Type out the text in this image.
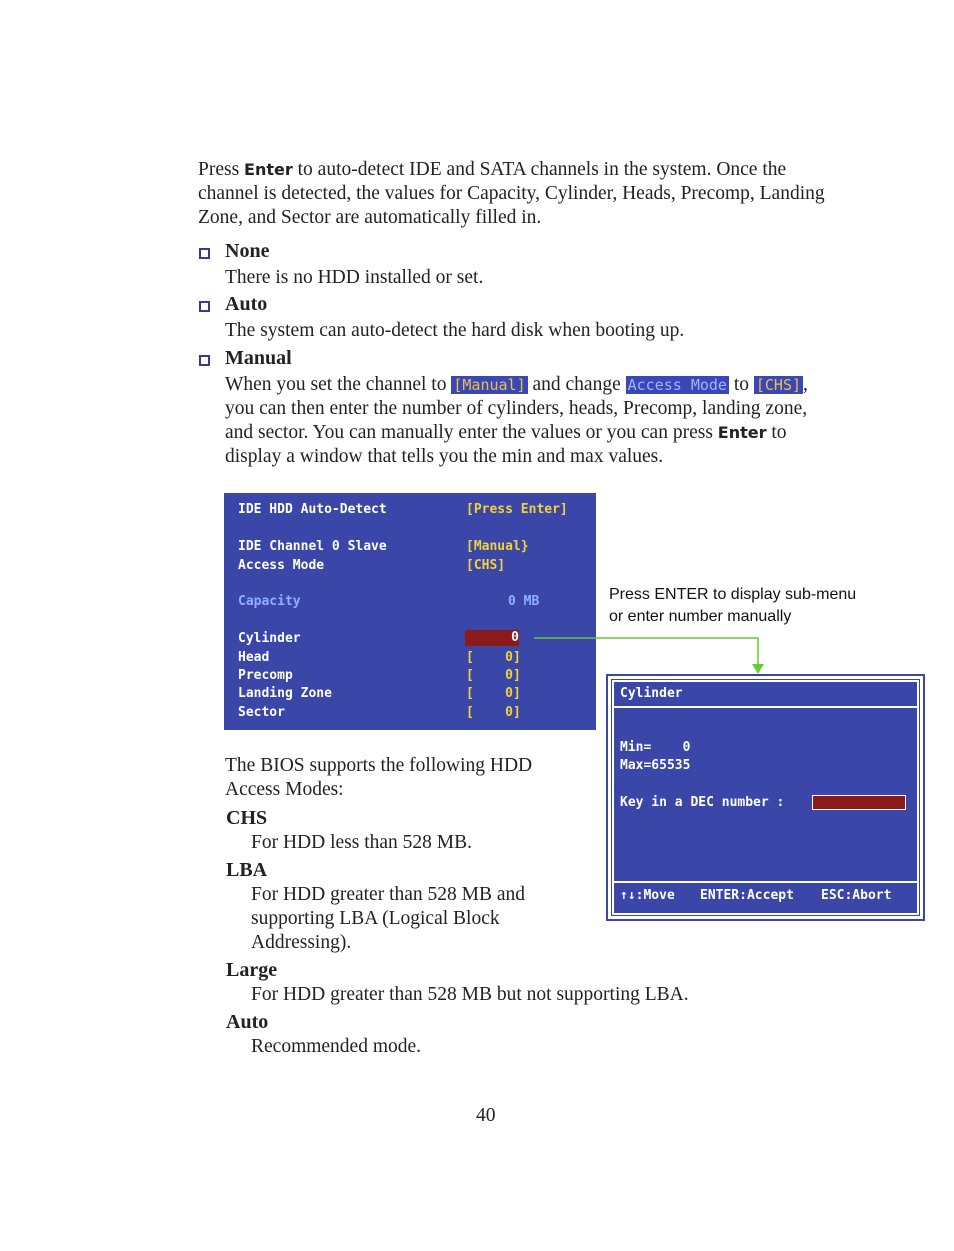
Press Enter to auto-detect IDE and SATA channels in the system. Once the
channel is detected, the values for Capacity, Cylinder, Heads, Precomp, Landing
Zone, and Sector are automatically filled in.
None
There is no HDD installed or set.
Auto
The system can auto-detect the hard disk when booting up.
Manual
When you set the channel to [Manual] and change Access Mode to [CHS] ,
you can then enter the number of cylinders, heads, Precomp, landing zone,
and sector. You can manually enter the values or you can press Enter to
display a window that tells you the min and max values.
IDE HDD Auto-Detect	[Press Enter]
IDE Channel 0 Slave	[Manual}
Access Mode	[CHS]
Capacity	0 MB
Cylinder	0
Head	[    0]
Precomp	[    0]
Landing Zone	[    0]
Sector	[    0]
Press ENTER to display sub-menu
or enter number manually
Cylinder
Min=    0
Max=65535
Key in a DEC number :
↑↓:Move ENTER:Accept ESC:Abort
The BIOS supports the following HDD
Access Modes:
CHS
For HDD less than 528 MB.
LBA
For HDD greater than 528 MB and
supporting LBA (Logical Block
Addressing).
Large
For HDD greater than 528 MB but not supporting LBA.
Auto
Recommended mode.
40
